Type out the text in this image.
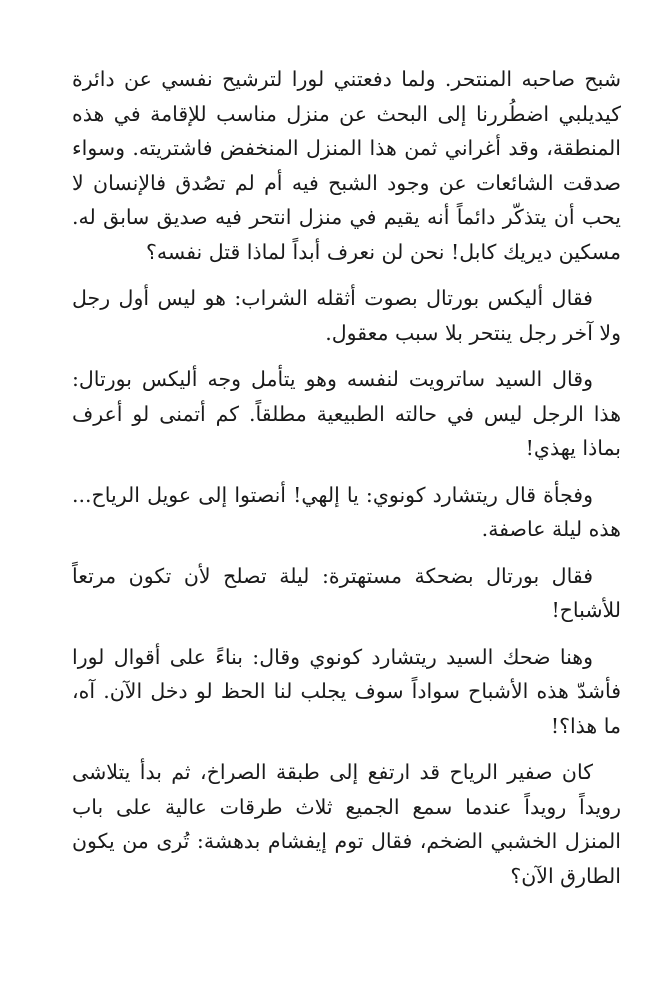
شبح صاحبه المنتحر. ولما دفعتني لورا لترشيح نفسي عن دائرة كيديلبي اضطُررنا إلى البحث عن منزل مناسب للإقامة في هذه المنطقة، وقد أغراني ثمن هذا المنزل المنخفض فاشتريته. وسواء صدقت الشائعات عن وجود الشبح فيه أم لم تصُدق فالإنسان لا يحب أن يتذكّر دائماً أنه يقيم في منزل انتحر فيه صديق سابق له. مسكين ديريك كابل! نحن لن نعرف أبداً لماذا قتل نفسه؟

فقال أليكس بورتال بصوت أثقله الشراب: هو ليس أول رجل ولا آخر رجل ينتحر بلا سبب معقول.

وقال السيد ساترويت لنفسه وهو يتأمل وجه أليكس بورتال: هذا الرجل ليس في حالته الطبيعية مطلقاً. كم أتمنى لو أعرف بماذا يهذي!

وفجأة قال ريتشارد كونوي: يا إلهي! أنصتوا إلى عويل الرياح... هذه ليلة عاصفة.

فقال بورتال بضحكة مستهترة: ليلة تصلح لأن تكون مرتعاً للأشباح!

وهنا ضحك السيد ريتشارد كونوي وقال: بناءً على أقوال لورا فأشدّ هذه الأشباح سواداً سوف يجلب لنا الحظ لو دخل الآن. آه، ما هذا؟!

كان صفير الرياح قد ارتفع إلى طبقة الصراخ، ثم بدأ يتلاشى رويداً رويداً عندما سمع الجميع ثلاث طرقات عالية على باب المنزل الخشبي الضخم، فقال توم إيفشام بدهشة: تُرى من يكون الطارق الآن؟
